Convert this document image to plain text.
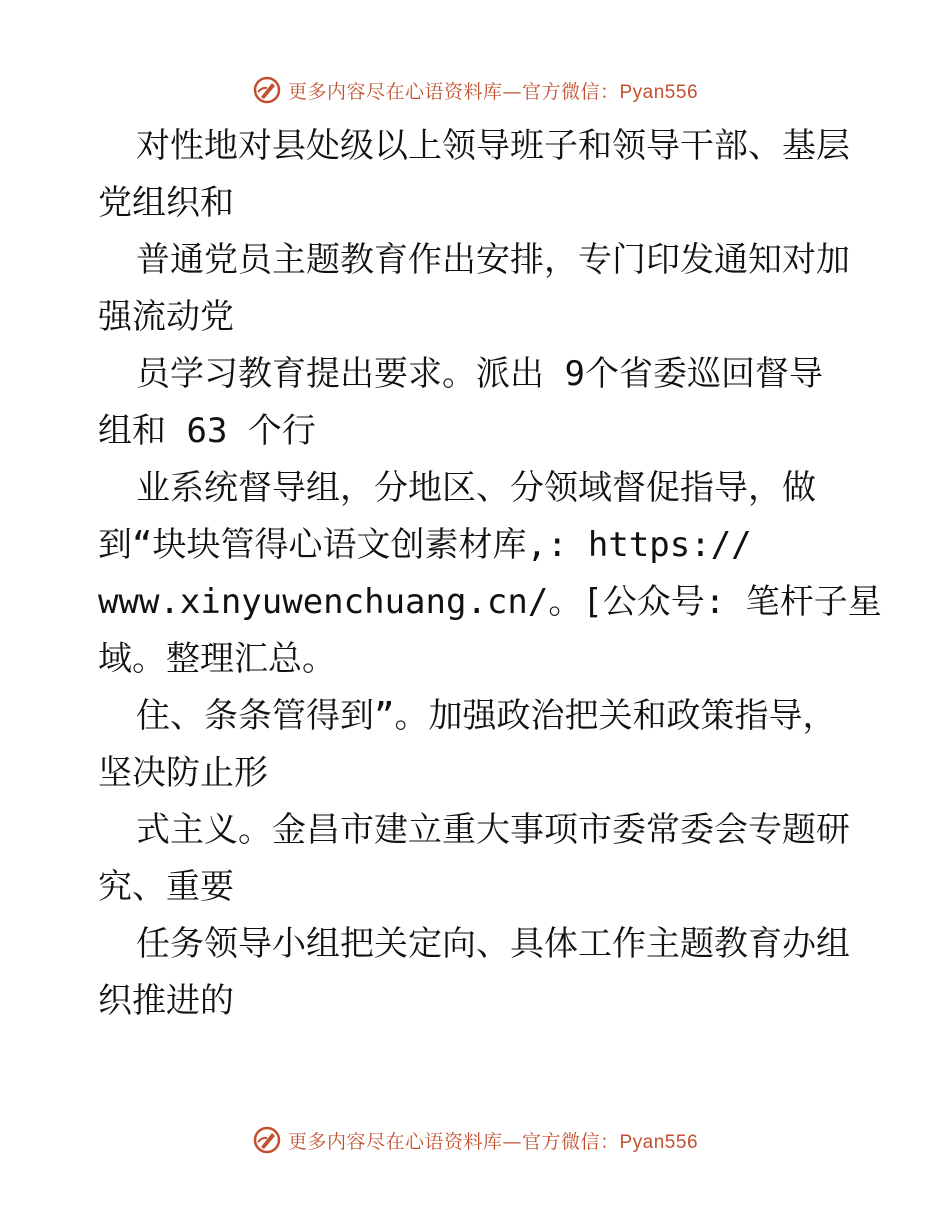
更多内容尽在心语资料库—官方微信：Pyan556
对性地对县处级以上领导班子和领导干部、基层
党组织和
普通党员主题教育作出安排，专门印发通知对加
强流动党
员学习教育提出要求。派出 9个省委巡回督导
组和 63 个行
业系统督导组，分地区、分领域督促指导，做
到“块块管得心语文创素材库,: https://
www.xinyuwenchuang.cn/。[公众号: 笔杆子星
域。整理汇总。
住、条条管得到”。加强政治把关和政策指导，
坚决防止形
式主义。金昌市建立重大事项市委常委会专题研
究、重要
任务领导小组把关定向、具体工作主题教育办组
织推进的
更多内容尽在心语资料库—官方微信：Pyan556
